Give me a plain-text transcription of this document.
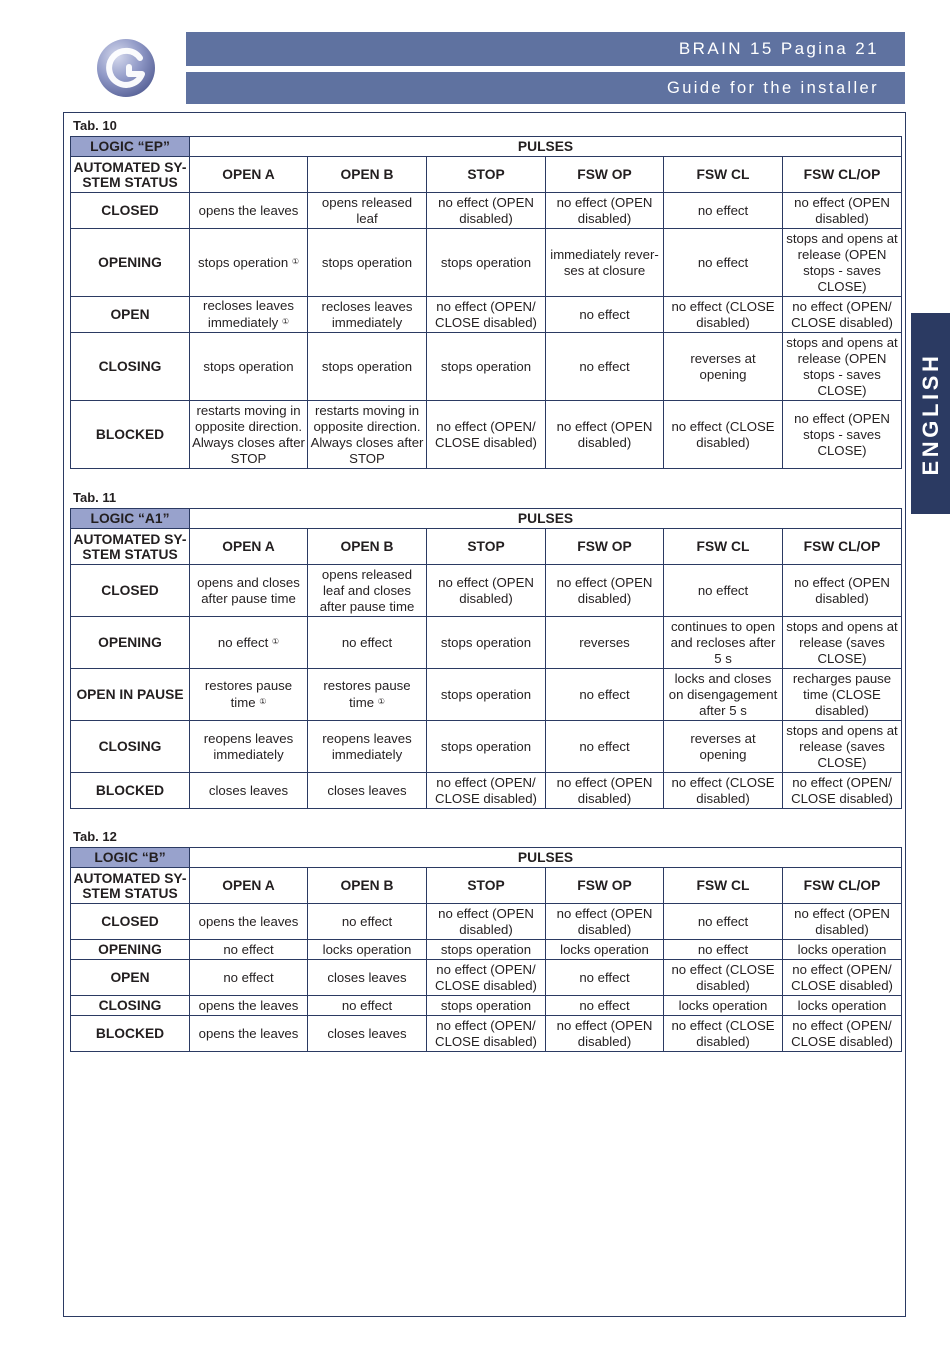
BRAIN 15 Pagina 21
Guide for the installer
ENGLISH
Tab. 10
LOGIC “EP”	PULSES					
AUTOMATED SY-STEM STATUS	OPEN A	OPEN B	STOP	FSW OP	FSW CL	FSW CL/OP
CLOSED	opens the leaves	opens released leaf	no effect (OPEN disabled)	no effect (OPEN disabled)	no effect	no effect (OPEN disabled)
OPENING	stops operation ①	stops operation	stops operation	immediately rever-ses at closure	no effect	stops and opens at release (OPEN stops - saves CLOSE)
OPEN	recloses leaves immediately ①	recloses leaves immediately	no effect (OPEN/ CLOSE disabled)	no effect	no effect (CLOSE disabled)	no effect (OPEN/ CLOSE disabled)
CLOSING	stops operation	stops operation	stops operation	no effect	reverses at opening	stops and opens at release (OPEN stops - saves CLOSE)
BLOCKED	restarts moving in opposite direction. Always closes after STOP	restarts moving in opposite direction. Always closes after STOP	no effect (OPEN/ CLOSE disabled)	no effect (OPEN disabled)	no effect (CLOSE disabled)	no effect (OPEN stops - saves CLOSE)
Tab. 11
LOGIC “A1”	PULSES					
AUTOMATED SY-STEM STATUS	OPEN A	OPEN B	STOP	FSW OP	FSW CL	FSW CL/OP
CLOSED	opens and closes after pause time	opens released leaf and closes after pause time	no effect (OPEN disabled)	no effect (OPEN disabled)	no effect	no effect (OPEN disabled)
OPENING	no effect ①	no effect	stops operation	reverses	continues to open and recloses after 5 s	stops and opens at release (saves CLOSE)
OPEN IN PAUSE	restores pause time ①	restores pause time ①	stops operation	no effect	locks and closes on disengagement after 5 s	recharges pause time (CLOSE disabled)
CLOSING	reopens leaves immediately	reopens leaves immediately	stops operation	no effect	reverses at opening	stops and opens at release (saves CLOSE)
BLOCKED	closes leaves	closes leaves	no effect (OPEN/ CLOSE disabled)	no effect (OPEN disabled)	no effect (CLOSE disabled)	no effect (OPEN/ CLOSE disabled)
Tab. 12
LOGIC “B”	PULSES					
AUTOMATED SY-STEM STATUS	OPEN A	OPEN B	STOP	FSW OP	FSW CL	FSW CL/OP
CLOSED	opens the leaves	no effect	no effect (OPEN disabled)	no effect (OPEN disabled)	no effect	no effect (OPEN disabled)
OPENING	no effect	locks operation	stops operation	locks operation	no effect	locks operation
OPEN	no effect	closes leaves	no effect (OPEN/ CLOSE disabled)	no effect	no effect (CLOSE disabled)	no effect (OPEN/ CLOSE disabled)
CLOSING	opens the leaves	no effect	stops operation	no effect	locks operation	locks operation
BLOCKED	opens the leaves	closes leaves	no effect (OPEN/ CLOSE disabled)	no effect (OPEN disabled)	no effect (CLOSE disabled)	no effect (OPEN/ CLOSE disabled)
